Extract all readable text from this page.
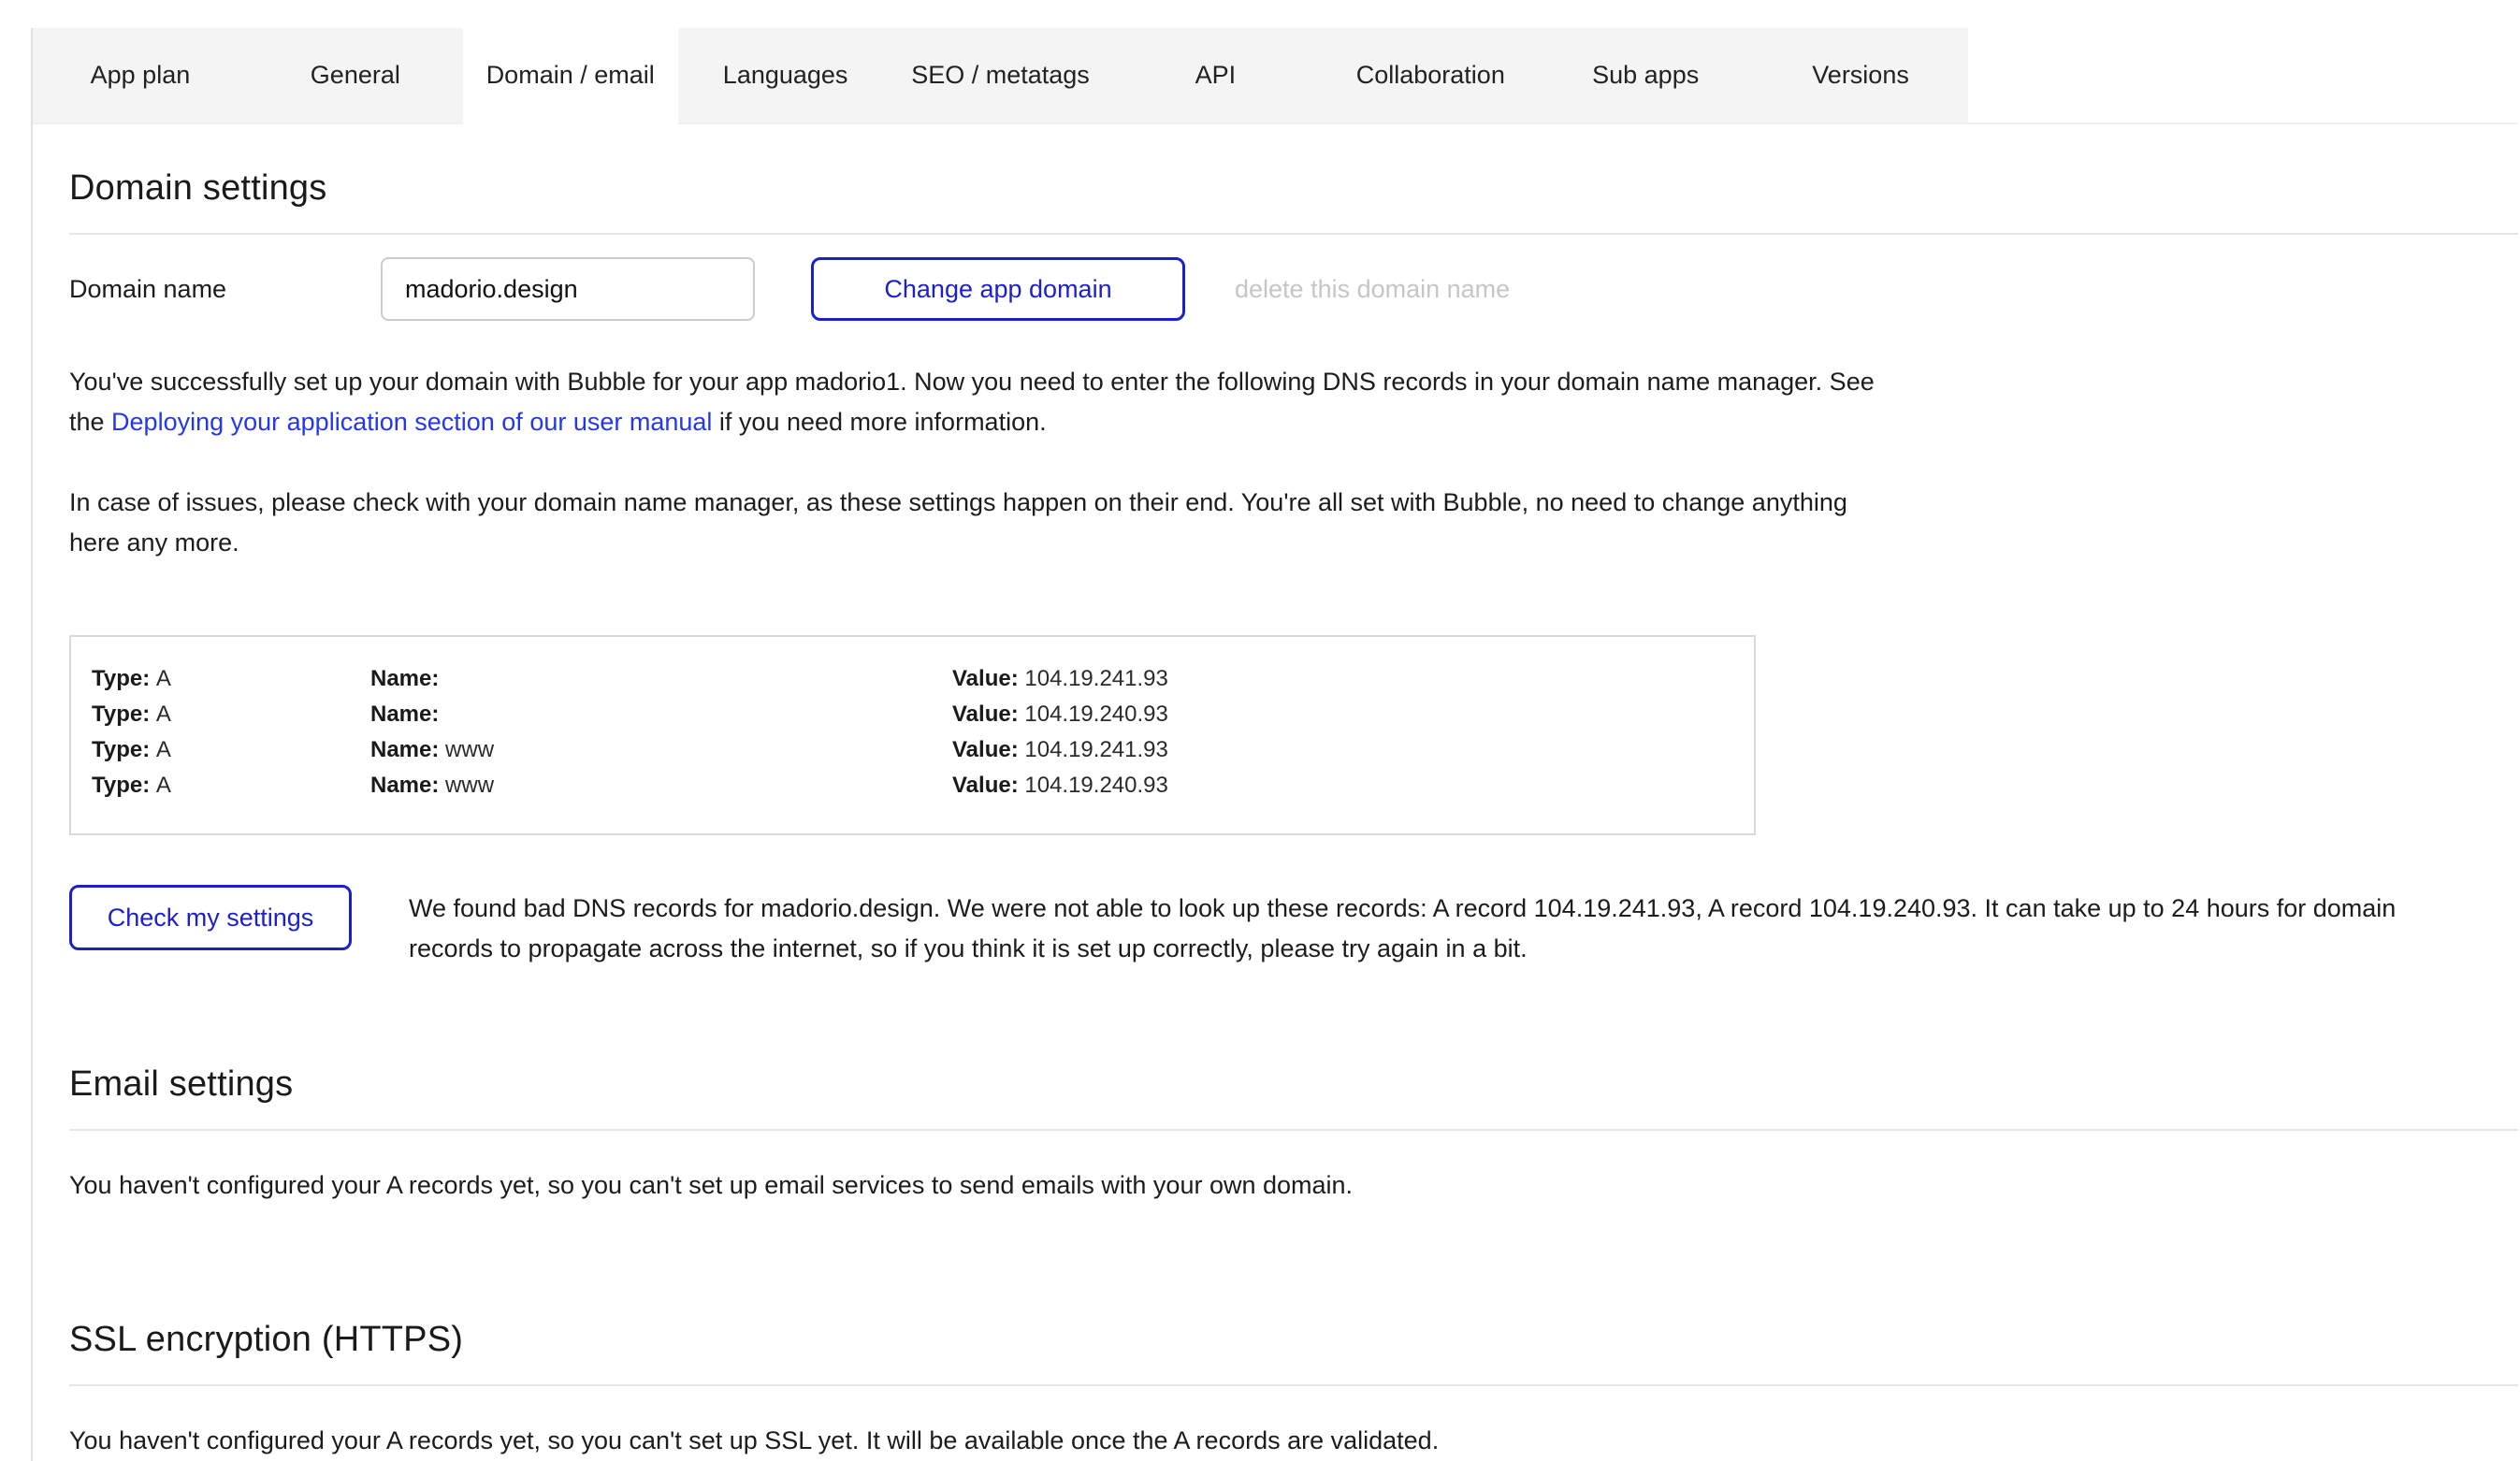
App plan	General	Domain / email	Languages	SEO / metatags	API	Collaboration	Sub apps	Versions
Domain settings
Domain name
madorio.design	Change app domain	delete this domain name

You've successfully set up your domain with Bubble for your app madorio1. Now you need to enter the following DNS records in your domain name manager. See the Deploying your application section of our user manual if you need more information.

In case of issues, please check with your domain name manager, as these settings happen on their end. You're all set with Bubble, no need to change anything here any more.

Type: A	Name:	Value: 104.19.241.93
Type: A	Name:	Value: 104.19.240.93
Type: A	Name: www	Value: 104.19.241.93
Type: A	Name: www	Value: 104.19.240.93
Check my settings	We found bad DNS records for madorio.design. We were not able to look up these records: A record 104.19.241.93, A record 104.19.240.93. It can take up to 24 hours for domain records to propagate across the internet, so if you think it is set up correctly, please try again in a bit.
Email settings

You haven't configured your A records yet, so you can't set up email services to send emails with your own domain.

SSL encryption (HTTPS)

You haven't configured your A records yet, so you can't set up SSL yet. It will be available once the A records are validated.
